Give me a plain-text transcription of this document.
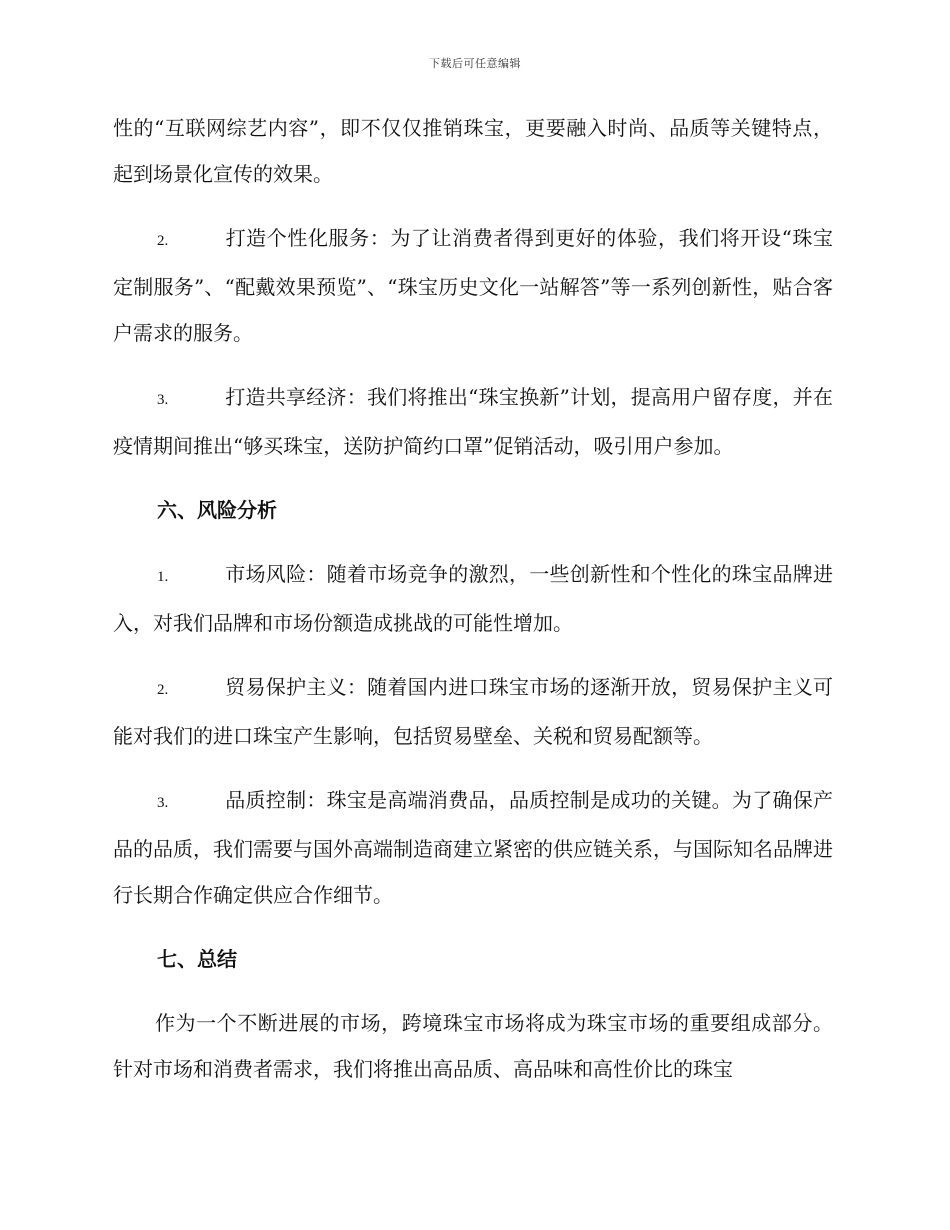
下载后可任意编辑

性的“互联网综艺内容”，即不仅仅推销珠宝，更要融入时尚、品质等关键特点，起到场景化宣传的效果。

2.	打造个性化服务：为了让消费者得到更好的体验，我们将开设“珠宝定制服务”、“配戴效果预览”、“珠宝历史文化一站解答”等一系列创新性，贴合客户需求的服务。

3.	打造共享经济：我们将推出“珠宝换新”计划，提高用户留存度，并在疫情期间推出“够买珠宝，送防护简约口罩”促销活动，吸引用户参加。

六、风险分析

1.	市场风险：随着市场竞争的激烈，一些创新性和个性化的珠宝品牌进入，对我们品牌和市场份额造成挑战的可能性增加。

2.	贸易保护主义：随着国内进口珠宝市场的逐渐开放，贸易保护主义可能对我们的进口珠宝产生影响，包括贸易壁垒、关税和贸易配额等。

3.	品质控制：珠宝是高端消费品，品质控制是成功的关键。为了确保产品的品质，我们需要与国外高端制造商建立紧密的供应链关系，与国际知名品牌进行长期合作确定供应合作细节。

七、总结

作为一个不断进展的市场，跨境珠宝市场将成为珠宝市场的重要组成部分。针对市场和消费者需求，我们将推出高品质、高品味和高性价比的珠宝
